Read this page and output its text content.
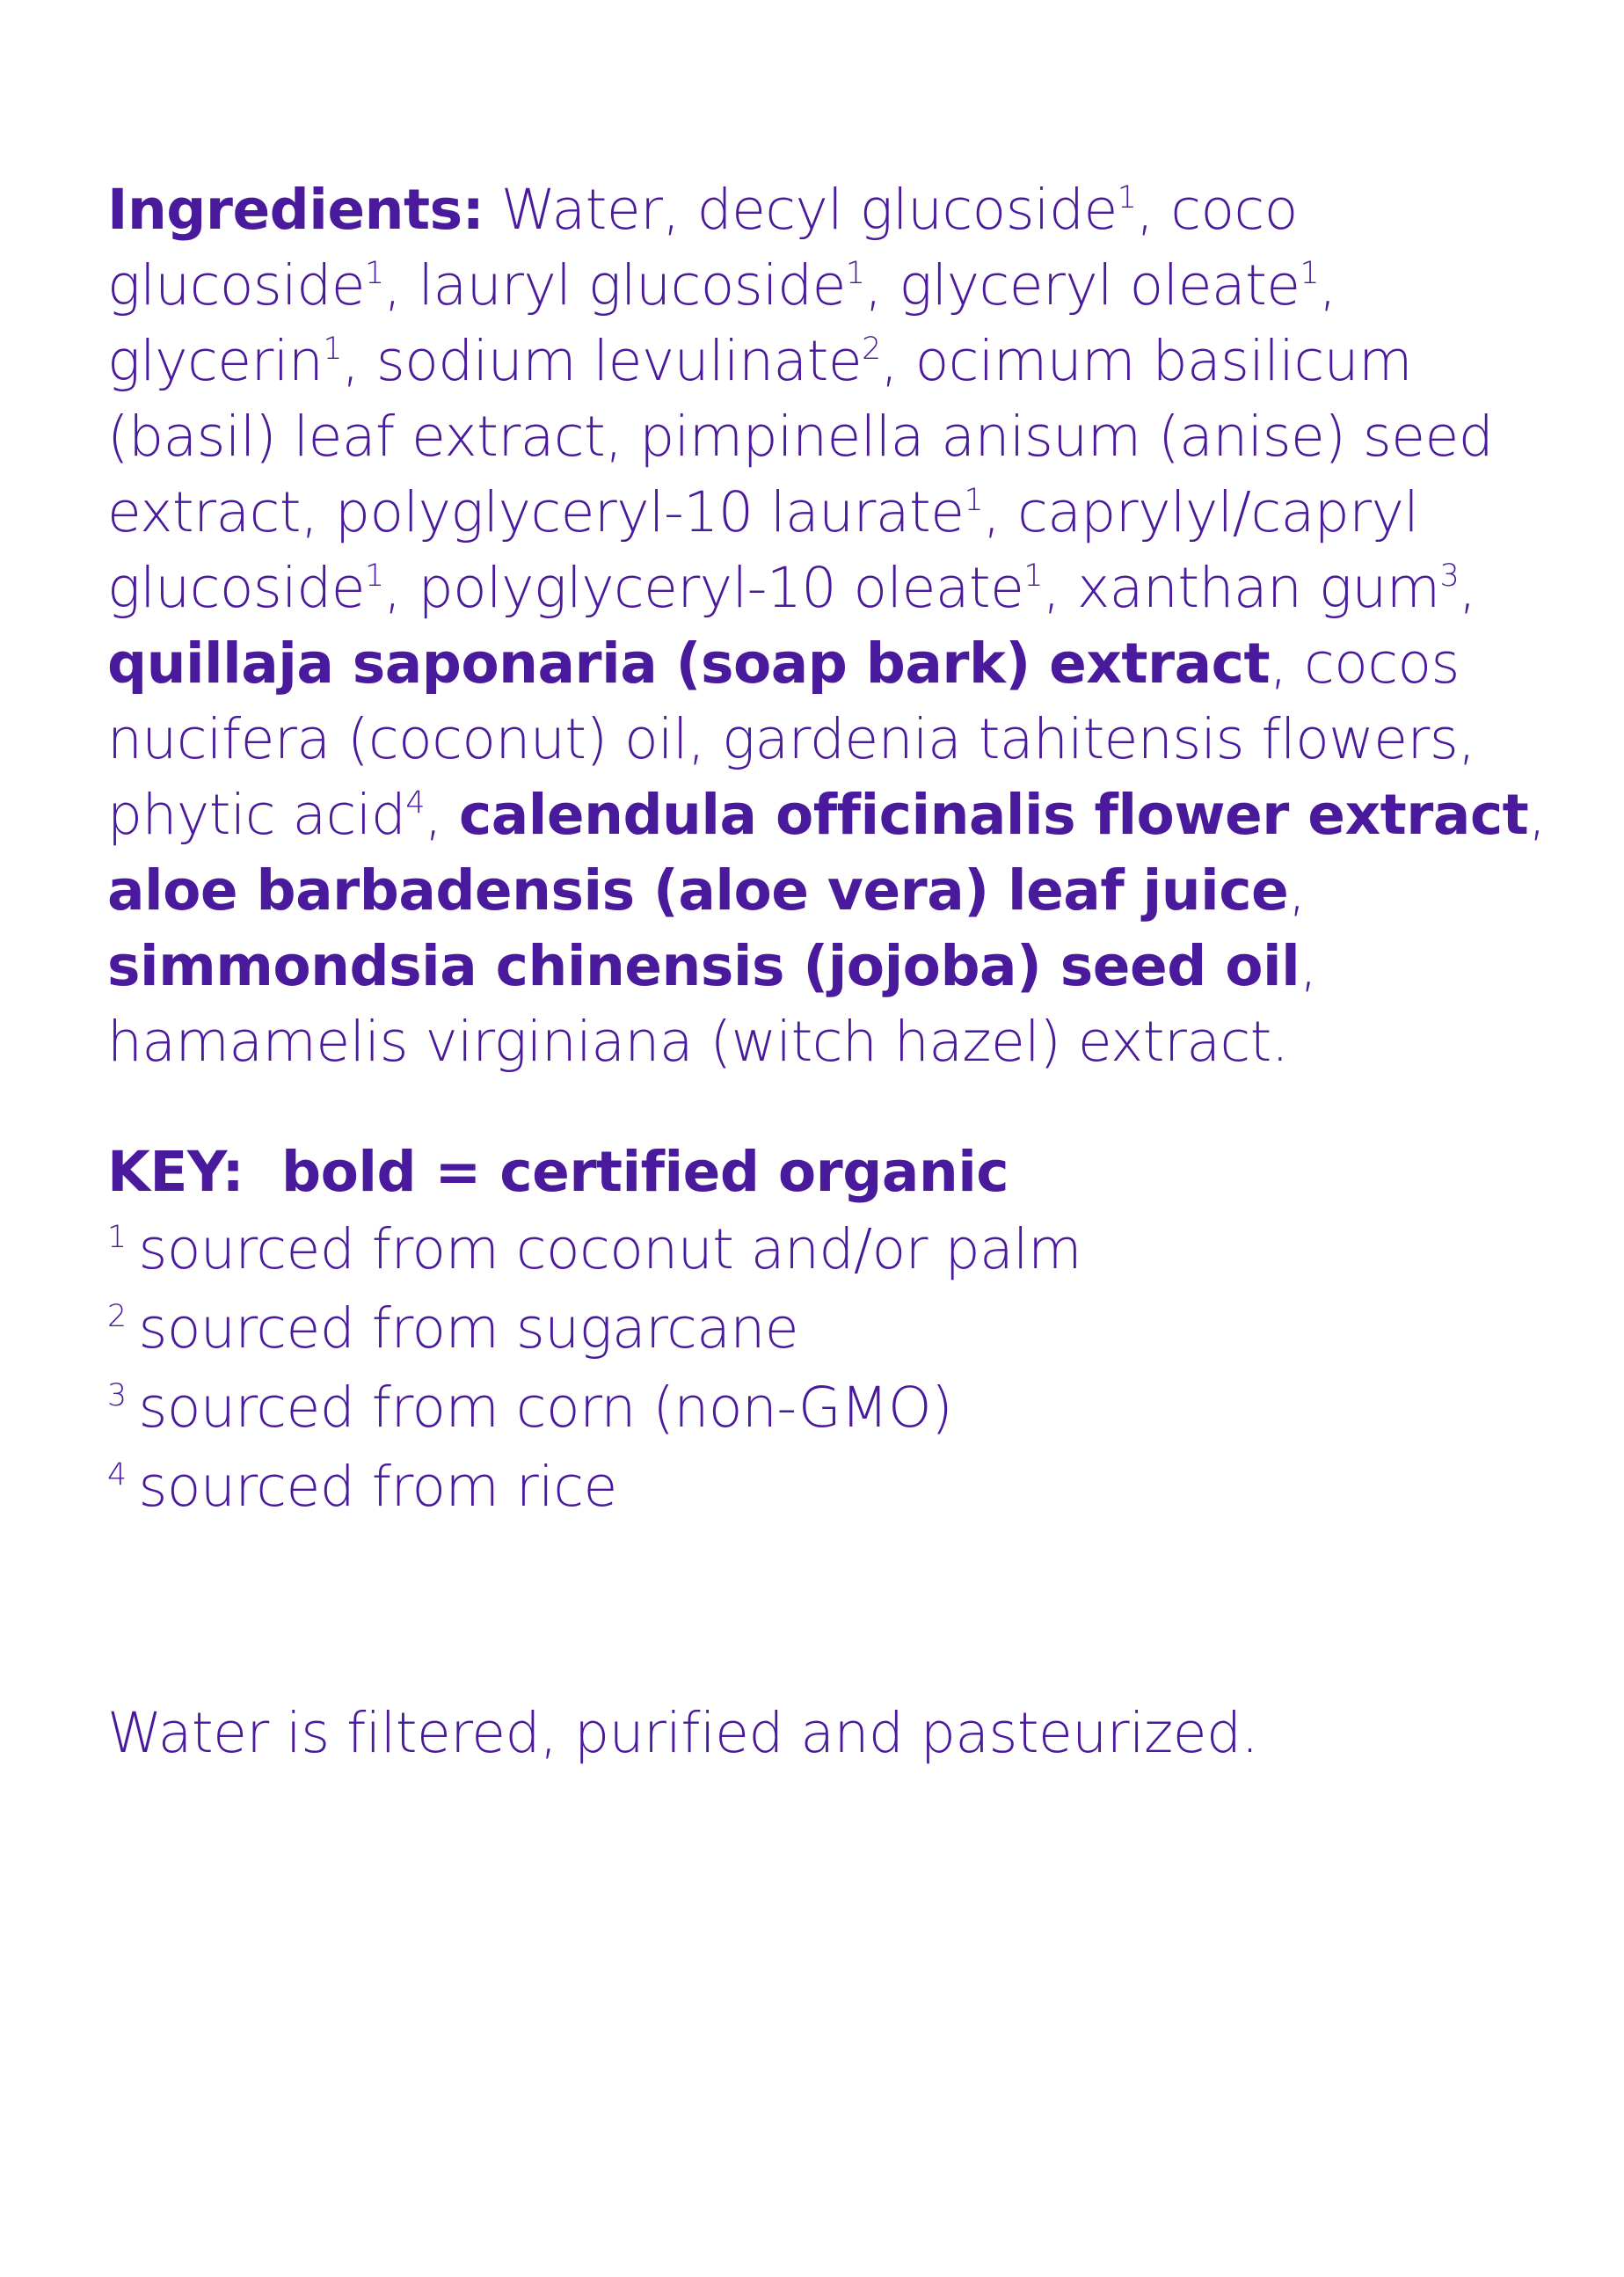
Ingredients: Water, decyl glucoside$^1$, coco glucoside$^1$, lauryl glucoside$^1$, glyceryl oleate$^1$, glycerin$^1$, sodium levulinate$^2$, ocimum basilicum (basil) leaf extract, pimpinella anisum (anise) seed extract, polyglyceryl-10 laurate$^1$, caprylyl/capryl glucoside$^1$, polyglyceryl-10 oleate$^1$, xanthan gum$^3$, quillaja saponaria (soap bark) extract, cocos nucifera (coconut) oil, gardenia tahitensis flowers, phytic acid$^4$, calendula officinalis flower extract, aloe barbadensis (aloe vera) leaf juice, simmondsia chinensis (jojoba) seed oil, hamamelis virginiana (witch hazel) extract.

KEY:  bold = certified organic
$^1$ sourced from coconut and/or palm
$^2$ sourced from sugarcane
$^3$ sourced from corn (non-GMO)
$^4$ sourced from rice
Water is filtered, purified and pasteurized.
